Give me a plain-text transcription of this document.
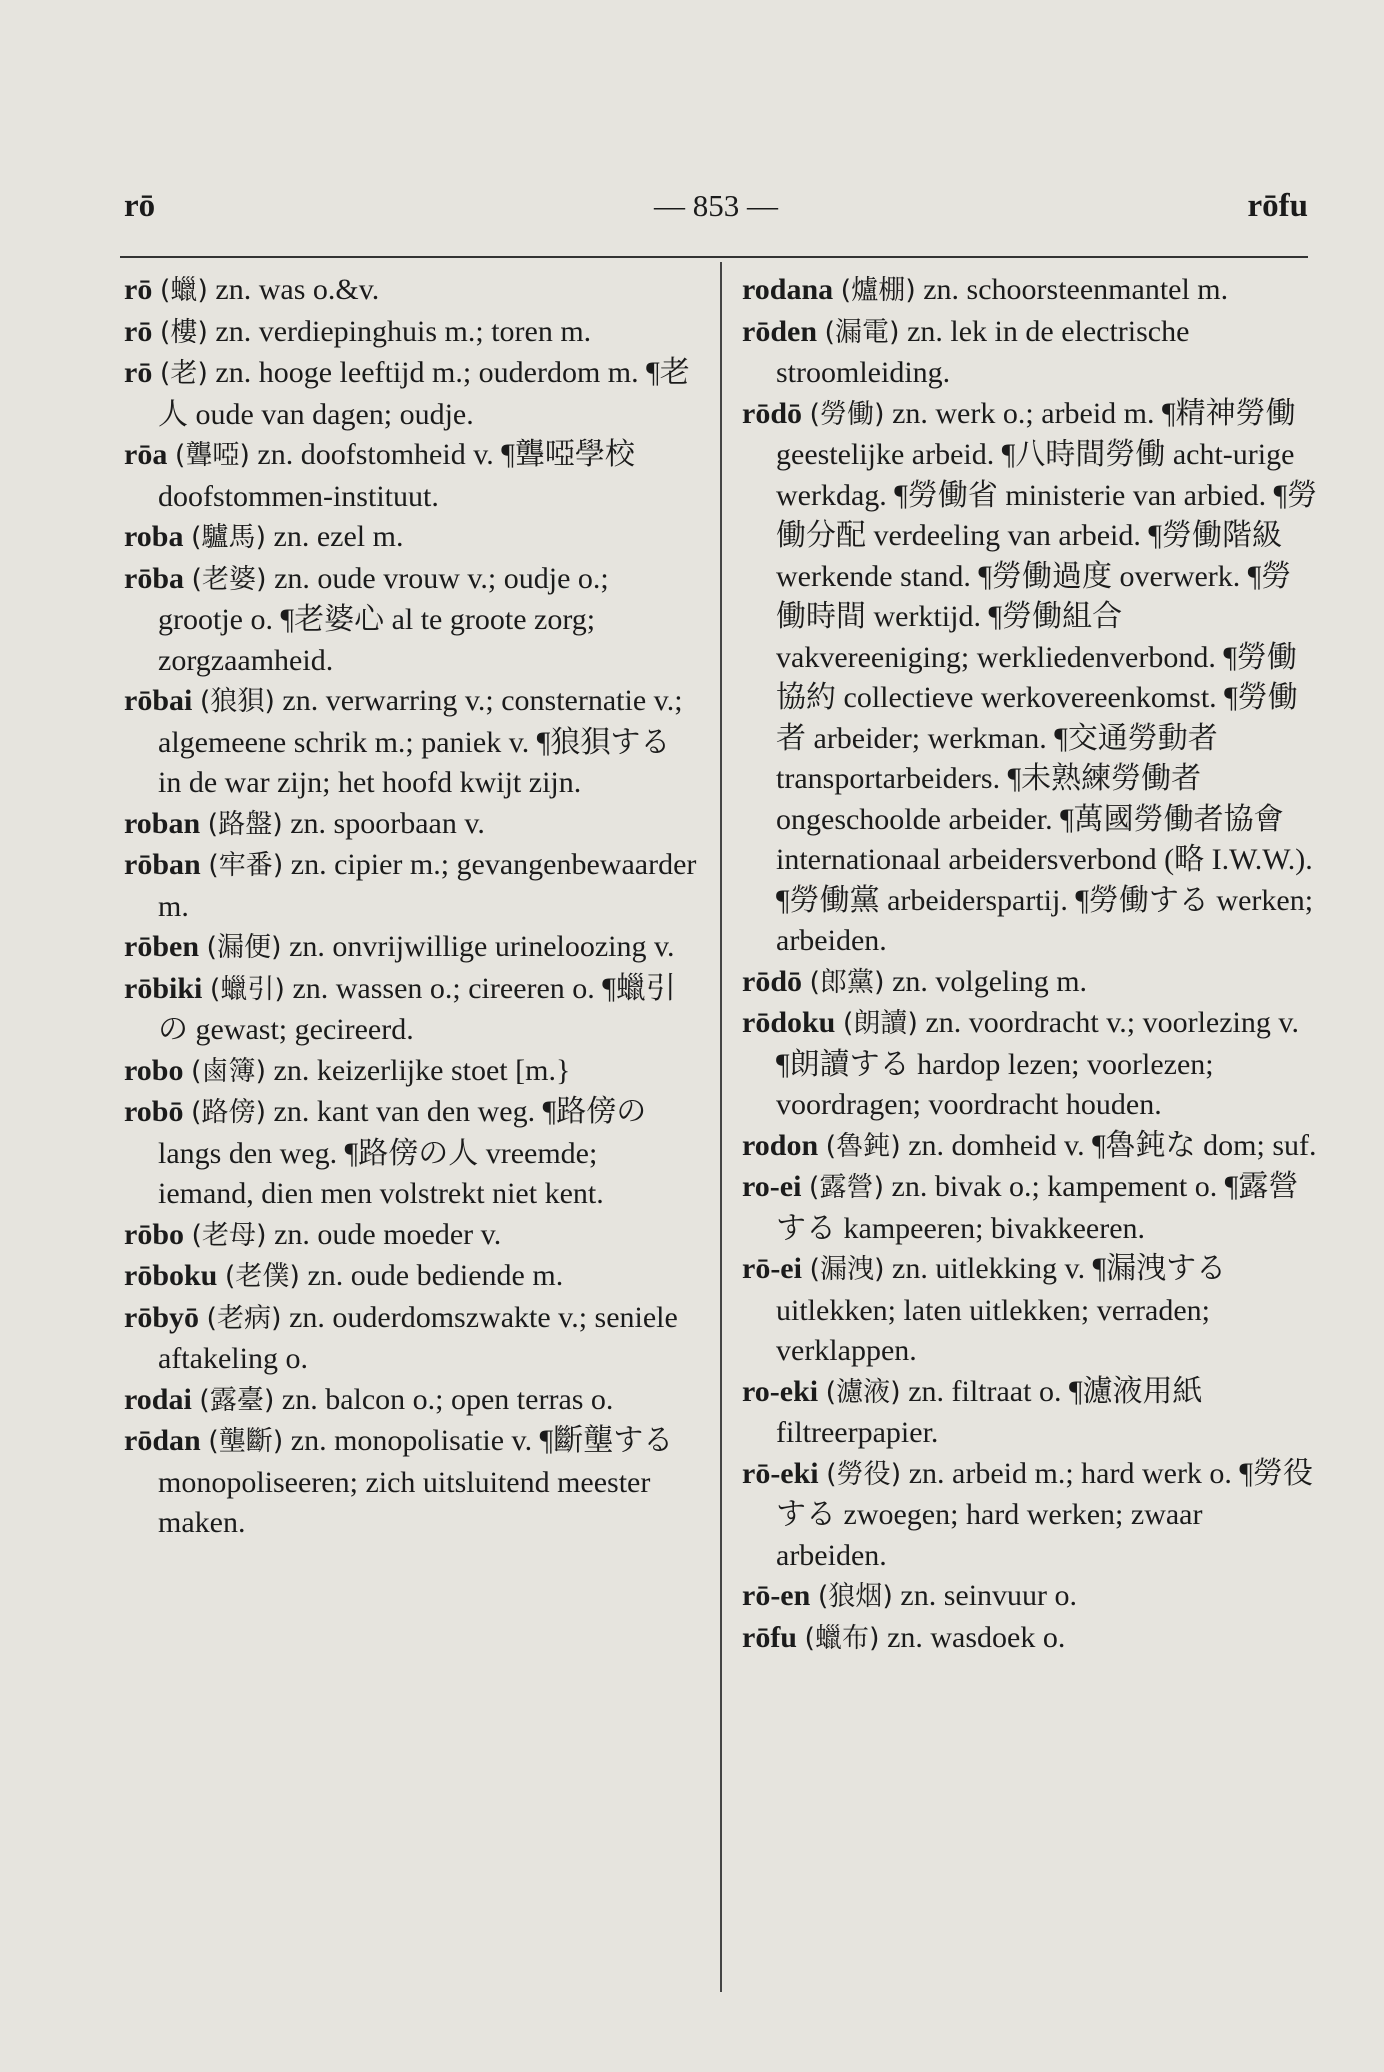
rō	— 853 —	rōfu

rō (蠟) zn. was o.&v.

rō (樓) zn. verdiepinghuis m.; toren m.

rō (老) zn. hooge leeftijd m.; ouderdom m. ¶老人 oude van dagen; oudje.

rōa (聾啞) zn. doofstomheid v. ¶聾啞學校 doofstommen-instituut.

roba (驢馬) zn. ezel m.

rōba (老婆) zn. oude vrouw v.; oudje o.; grootje o. ¶老婆心 al te groote zorg; zorgzaamheid.

rōbai (狼狽) zn. verwarring v.; consternatie v.; algemeene schrik m.; paniek v. ¶狼狽する in de war zijn; het hoofd kwijt zijn.

roban (路盤) zn. spoorbaan v.

rōban (牢番) zn. cipier m.; gevangenbewaarder m.

rōben (漏便) zn. onvrijwillige urineloozing v.

rōbiki (蠟引) zn. wassen o.; cireeren o. ¶蠟引の gewast; gecireerd.

robo (鹵簿) zn. keizerlijke stoet [m.}

robō (路傍) zn. kant van den weg. ¶路傍の langs den weg. ¶路傍の人 vreemde; iemand, dien men volstrekt niet kent.

rōbo (老母) zn. oude moeder v.

rōboku (老僕) zn. oude bediende m.

rōbyō (老病) zn. ouderdomszwakte v.; seniele aftakeling o.

rodai (露臺) zn. balcon o.; open terras o.

rōdan (壟斷) zn. monopolisatie v. ¶斷壟する monopoliseeren; zich uitsluitend meester maken.

rodana (爐棚) zn. schoorsteenmantel m.

rōden (漏電) zn. lek in de electrische stroomleiding.

rōdō (勞働) zn. werk o.; arbeid m. ¶精神勞働 geestelijke arbeid. ¶八時間勞働 acht-urige werkdag. ¶勞働省 ministerie van arbied. ¶勞働分配 verdeeling van arbeid. ¶勞働階級 werkende stand. ¶勞働過度 overwerk. ¶勞働時間 werktijd. ¶勞働組合 vakvereeniging; werkliedenverbond. ¶勞働協約 collectieve werkovereenkomst. ¶勞働者 arbeider; werkman. ¶交通勞動者 transportarbeiders. ¶未熟練勞働者 ongeschoolde arbeider. ¶萬國勞働者協會 internationaal arbeidersverbond (略 I.W.W.). ¶勞働黨 arbeiderspartij. ¶勞働する werken; arbeiden.

rōdō (郎黨) zn. volgeling m.

rōdoku (朗讀) zn. voordracht v.; voorlezing v. ¶朗讀する hardop lezen; voorlezen; voordragen; voordracht houden.

rodon (魯鈍) zn. domheid v. ¶魯鈍な dom; suf.

ro-ei (露營) zn. bivak o.; kampement o. ¶露營する kampeeren; bivakkeeren.

rō-ei (漏洩) zn. uitlekking v. ¶漏洩する uitlekken; laten uitlekken; verraden; verklappen.

ro-eki (濾液) zn. filtraat o. ¶濾液用紙 filtreerpapier.

rō-eki (勞役) zn. arbeid m.; hard werk o. ¶勞役する zwoegen; hard werken; zwaar arbeiden.

rō-en (狼烟) zn. seinvuur o.

rōfu (蠟布) zn. wasdoek o.
